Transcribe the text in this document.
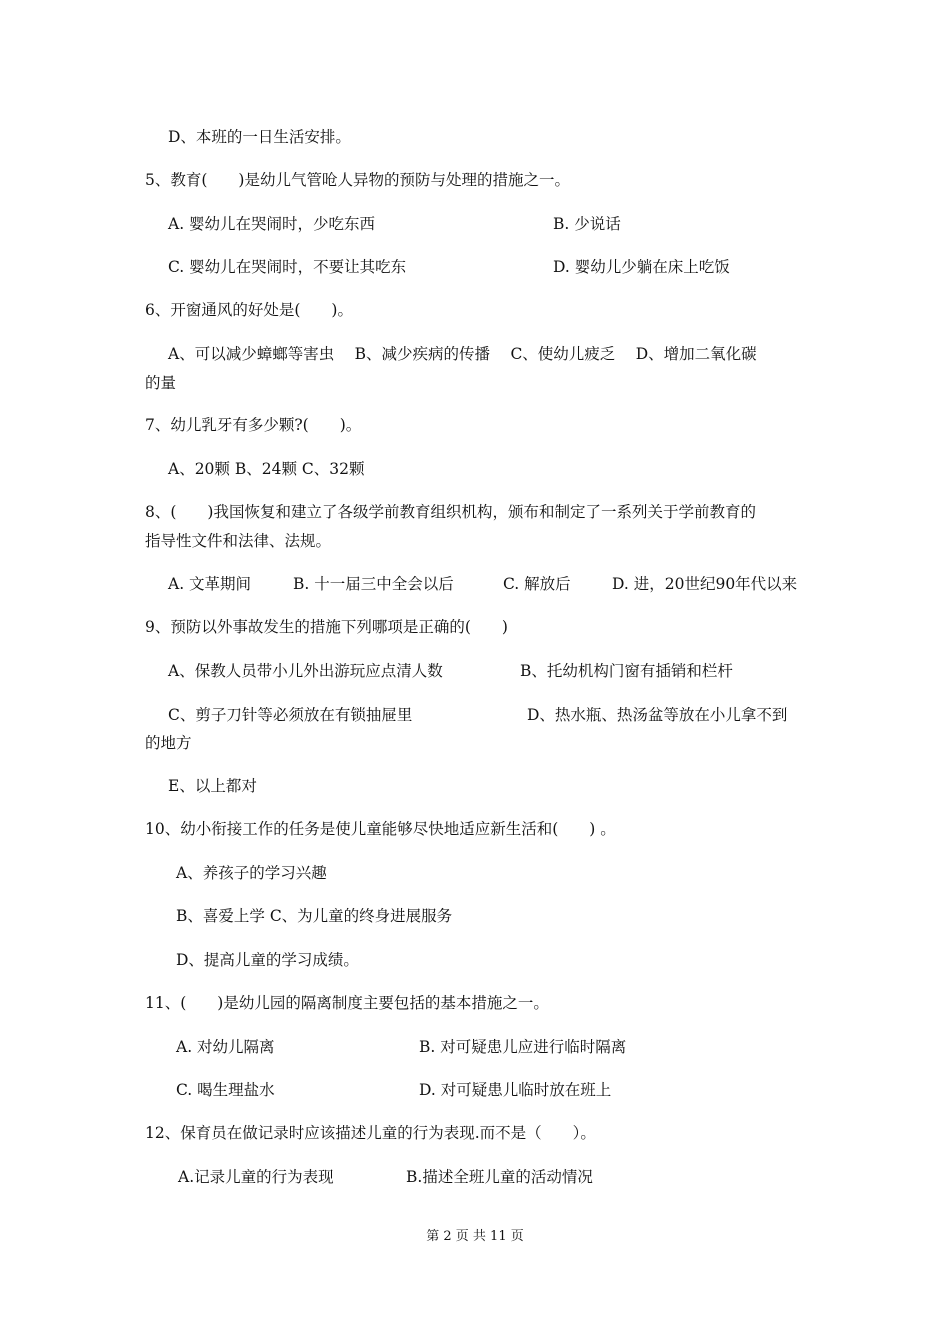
D、本班的一日生活安排。
5、教育(　　)是幼儿气管呛人异物的预防与处理的措施之一。
A. 婴幼儿在哭闹时，少吃东西	B. 少说话
C. 婴幼儿在哭闹时，不要让其吃东	D. 婴幼儿少躺在床上吃饭
6、开窗通风的好处是(　　)。
A、可以减少蟑螂等害虫　 B、减少疾病的传播　 C、使幼儿疲乏　 D、增加二氧化碳
的量
7、幼儿乳牙有多少颗?(　　)。
A、20颗 B、24颗 C、32颗
8、(　　)我国恢复和建立了各级学前教育组织机构，颁布和制定了一系列关于学前教育的
指导性文件和法律、法规。
A. 文革期间	B. 十一届三中全会以后	C. 解放后	D. 进，20世纪90年代以来
9、预防以外事故发生的措施下列哪项是正确的(　　)
A、保教人员带小儿外出游玩应点清人数	B、托幼机构门窗有插销和栏杆
C、剪子刀针等必须放在有锁抽屉里	D、热水瓶、热汤盆等放在小儿拿不到
的地方
E、以上都对
10、幼小衔接工作的任务是使儿童能够尽快地适应新生活和(　　) 。
A、养孩子的学习兴趣
B、喜爱上学 C、为儿童的终身进展服务
D、提高儿童的学习成绩。
11、(　　)是幼儿园的隔离制度主要包括的基本措施之一。
A. 对幼儿隔离	B. 对可疑患儿应进行临时隔离
C. 喝生理盐水	D. 对可疑患儿临时放在班上
12、保育员在做记录时应该描述儿童的行为表现.而不是（　　）。
A.记录儿童的行为表现	B.描述全班儿童的活动情况
第 2 页 共 11 页
